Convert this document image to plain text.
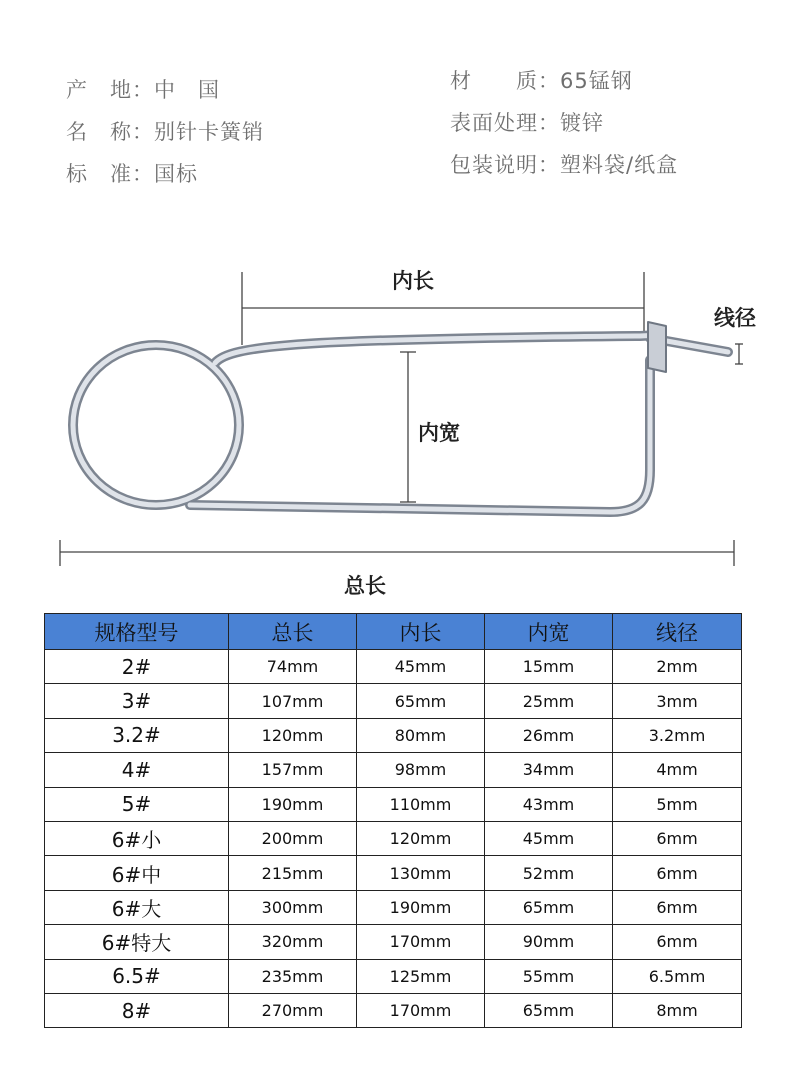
产　地：中　国
名　称：别针卡簧销
标　准：国标
材　　质：65锰钢
表面处理：镀锌
包装说明：塑料袋/纸盒
内长
线径
内宽
总长
规格型号	总长	内长	内宽	线径
2#	74mm	45mm	15mm	2mm
3#	107mm	65mm	25mm	3mm
3.2#	120mm	80mm	26mm	3.2mm
4#	157mm	98mm	34mm	4mm
5#	190mm	110mm	43mm	5mm
6#小	200mm	120mm	45mm	6mm
6#中	215mm	130mm	52mm	6mm
6#大	300mm	190mm	65mm	6mm
6#特大	320mm	170mm	90mm	6mm
6.5#	235mm	125mm	55mm	6.5mm
8#	270mm	170mm	65mm	8mm
